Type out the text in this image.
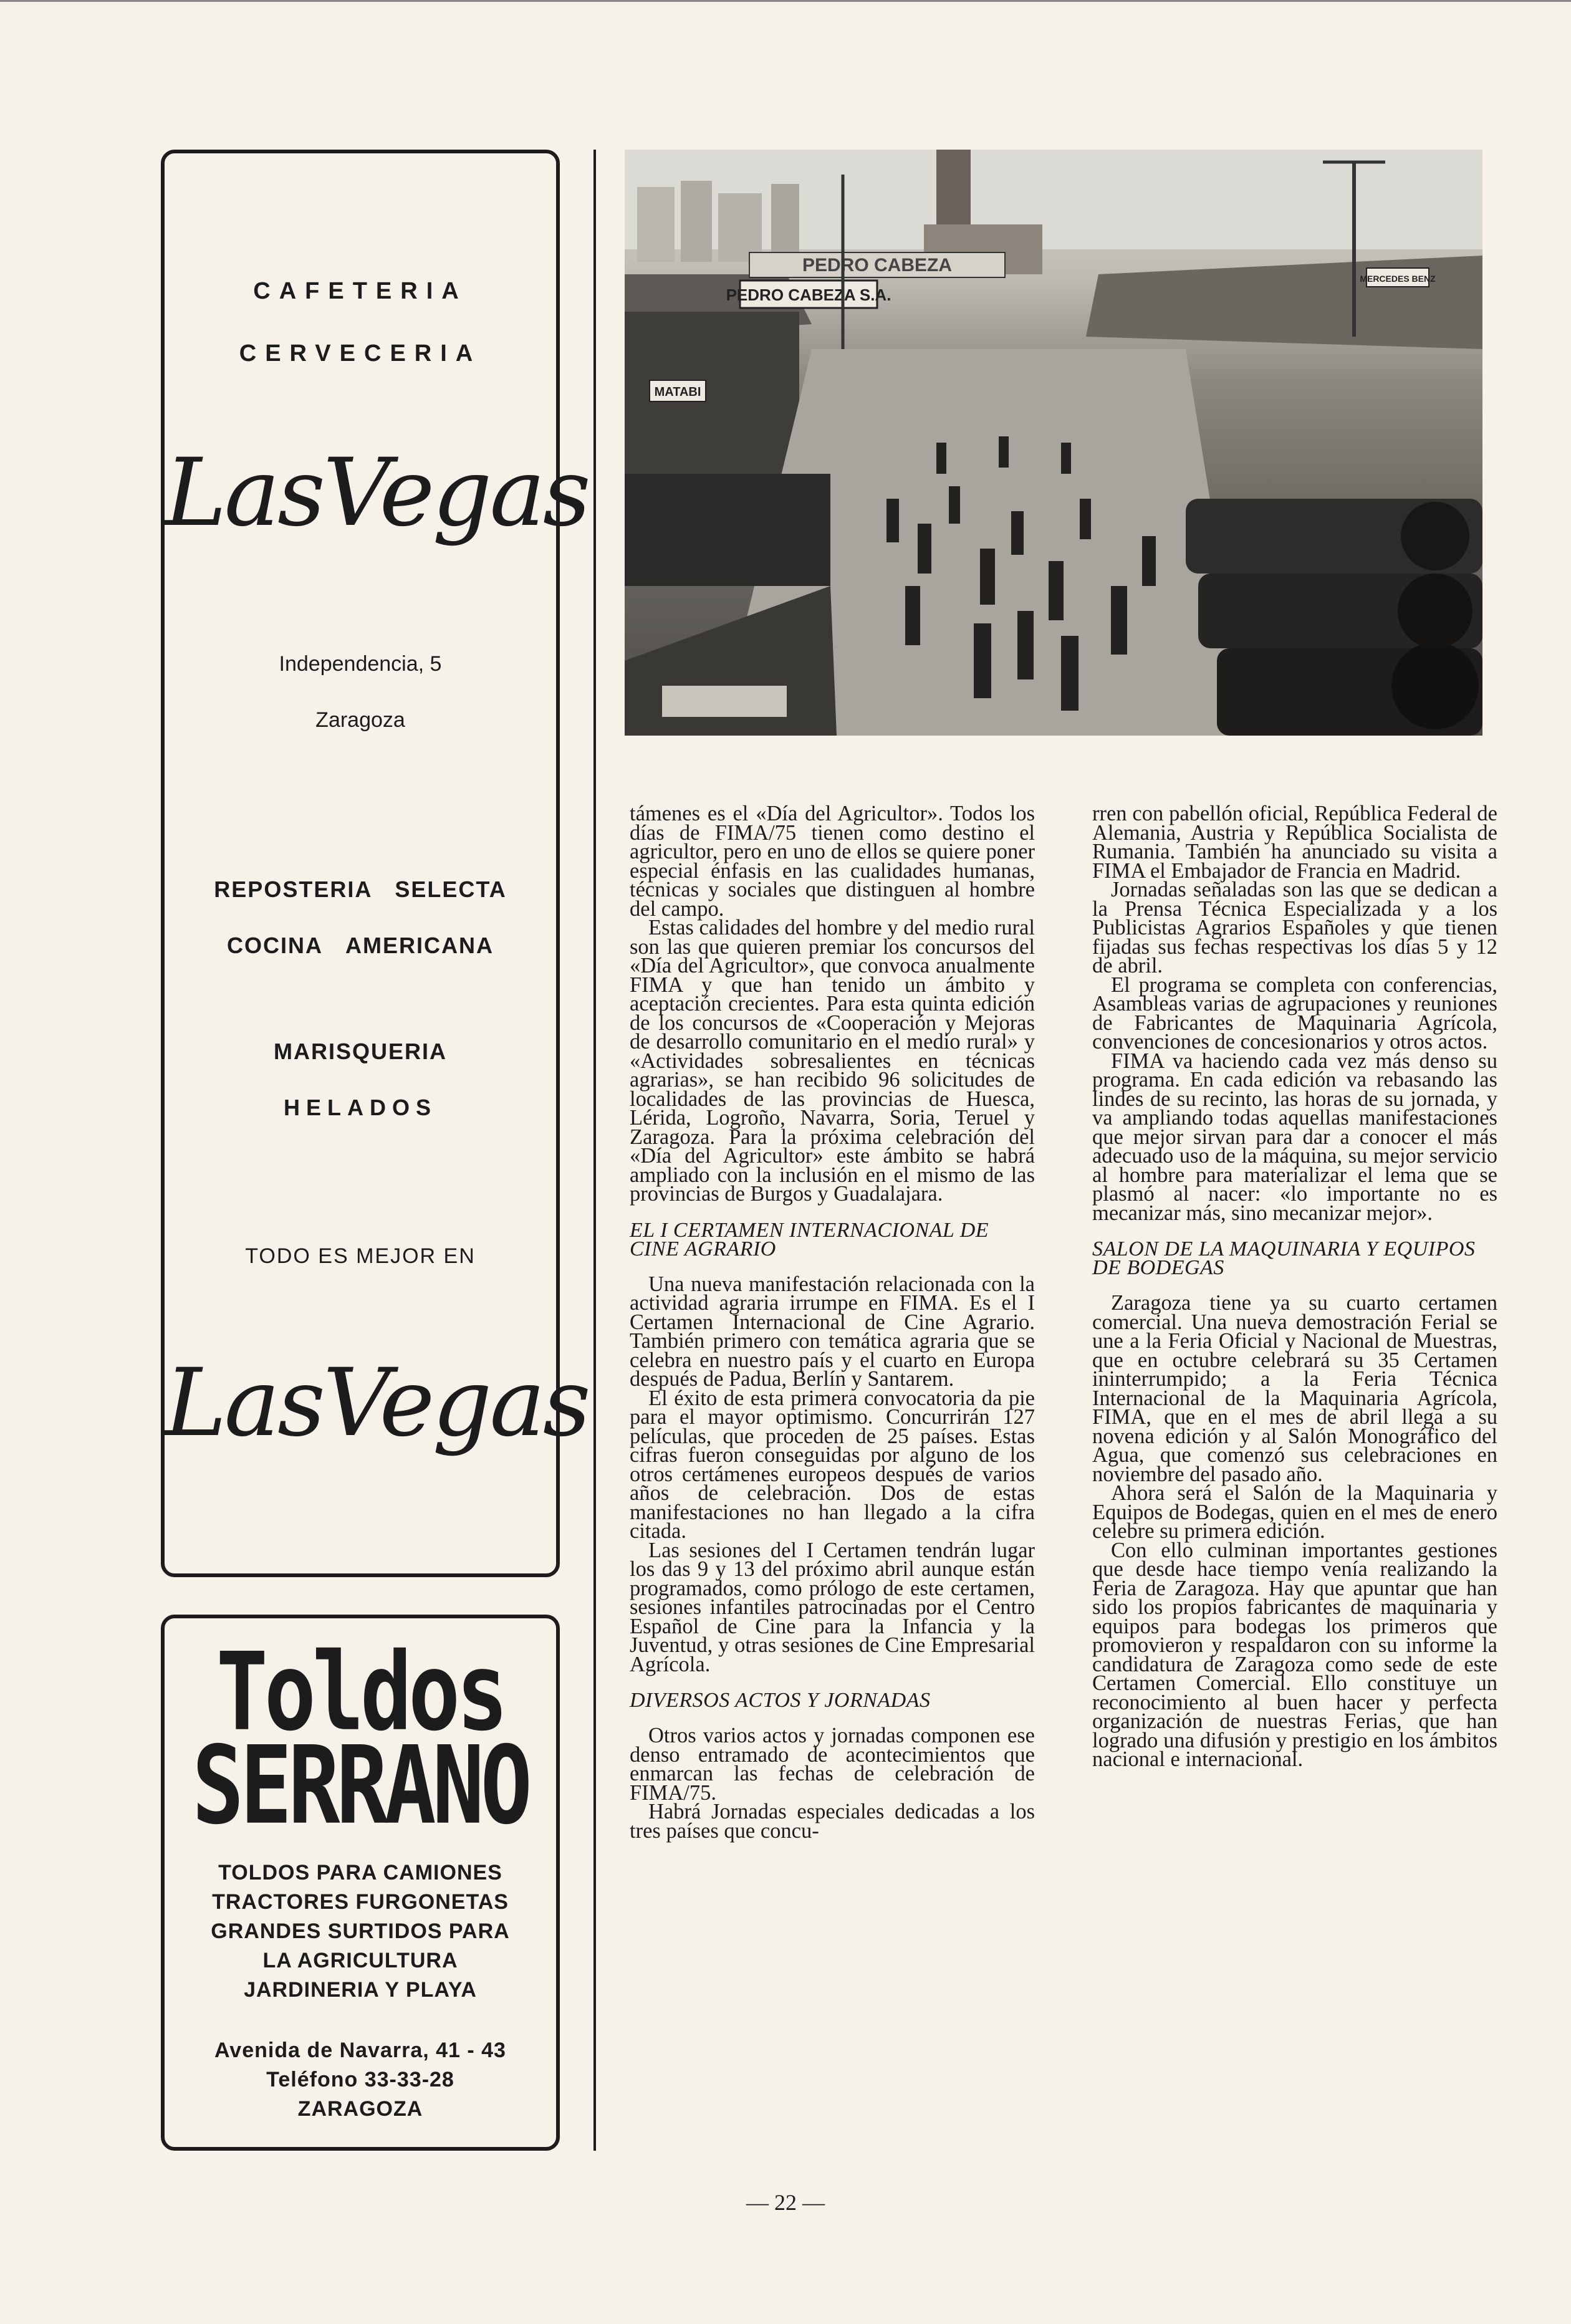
CAFETERIA
CERVECERIA
LasVegas
Independencia, 5
Zaragoza
REPOSTERIA SELECTA
COCINA AMERICANA
MARISQUERIA
HELADOS
TODO ES MEJOR EN
LasVegas
Toldos
SERRANO
TOLDOS PARA CAMIONES
TRACTORES FURGONETAS
GRANDES SURTIDOS PARA
LA AGRICULTURA
JARDINERIA Y PLAYA
Avenida de Navarra, 41 - 43
Teléfono 33-33-28
ZARAGOZA
PEDRO CABEZA S.A.
PEDRO CABEZA
MATABI
MERCEDES BENZ

támenes es el «Día del Agricultor». Todos los días de FIMA/75 tienen como destino el agricultor, pero en uno de ellos se quiere poner especial énfasis en las cualidades humanas, técnicas y sociales que distinguen al hombre del campo.

Estas calidades del hombre y del medio rural son las que quieren premiar los concursos del «Día del Agricultor», que convoca anualmente FIMA y que han tenido un ámbito y aceptación crecientes. Para esta quinta edición de los concursos de «Cooperación y Mejoras de desarrollo comunitario en el medio rural» y «Actividades sobresalientes en técnicas agrarias», se han recibido 96 solicitudes de localidades de las provincias de Huesca, Lérida, Logroño, Navarra, Soria, Teruel y Zaragoza. Para la próxima celebración del «Día del Agricultor» este ámbito se habrá ampliado con la inclusión en el mismo de las provincias de Burgos y Guadalajara.

EL I CERTAMEN INTERNACIONAL DE CINE AGRARIO

Una nueva manifestación relacionada con la actividad agraria irrumpe en FIMA. Es el I Certamen Internacional de Cine Agrario. También primero con temática agraria que se celebra en nuestro país y el cuarto en Europa después de Padua, Berlín y Santarem.

El éxito de esta primera convocatoria da pie para el mayor optimismo. Concurrirán 127 películas, que proceden de 25 países. Estas cifras fueron conseguidas por alguno de los otros certámenes europeos después de varios años de celebración. Dos de estas manifestaciones no han llegado a la cifra citada.

Las sesiones del I Certamen tendrán lugar los das 9 y 13 del próximo abril aunque están programados, como prólogo de este certamen, sesiones infantiles patrocinadas por el Centro Español de Cine para la Infancia y la Juventud, y otras sesiones de Cine Empresarial Agrícola.

DIVERSOS ACTOS Y JORNADAS

Otros varios actos y jornadas componen ese denso entramado de acontecimientos que enmarcan las fechas de celebración de FIMA/75.

Habrá Jornadas especiales dedicadas a los tres países que concu-

rren con pabellón oficial, República Federal de Alemania, Austria y República Socialista de Rumania. También ha anunciado su visita a FIMA el Embajador de Francia en Madrid.

Jornadas señaladas son las que se dedican a la Prensa Técnica Especializada y a los Publicistas Agrarios Españoles y que tienen fijadas sus fechas respectivas los días 5 y 12 de abril.

El programa se completa con conferencias, Asambleas varias de agrupaciones y reuniones de Fabricantes de Maquinaria Agrícola, convenciones de concesionarios y otros actos.

FIMA va haciendo cada vez más denso su programa. En cada edición va rebasando las lindes de su recinto, las horas de su jornada, y va ampliando todas aquellas manifestaciones que mejor sirvan para dar a conocer el más adecuado uso de la máquina, su mejor servicio al hombre para materializar el lema que se plasmó al nacer: «lo importante no es mecanizar más, sino mecanizar mejor».

SALON DE LA MAQUINARIA Y EQUIPOS DE BODEGAS

Zaragoza tiene ya su cuarto certamen comercial. Una nueva demostración Ferial se une a la Feria Oficial y Nacional de Muestras, que en octubre celebrará su 35 Certamen ininterrumpido; a la Feria Técnica Internacional de la Maquinaria Agrícola, FIMA, que en el mes de abril llega a su novena edición y al Salón Monográfico del Agua, que comenzó sus celebraciones en noviembre del pasado año.

Ahora será el Salón de la Maquinaria y Equipos de Bodegas, quien en el mes de enero celebre su primera edición.

Con ello culminan importantes gestiones que desde hace tiempo venía realizando la Feria de Zaragoza. Hay que apuntar que han sido los propios fabricantes de maquinaria y equipos para bodegas los primeros que promovieron y respaldaron con su informe la candidatura de Zaragoza como sede de este Certamen Comercial. Ello constituye un reconocimiento al buen hacer y perfecta organización de nuestras Ferias, que han logrado una difusión y prestigio en los ámbitos nacional e internacional.

— 22 —
